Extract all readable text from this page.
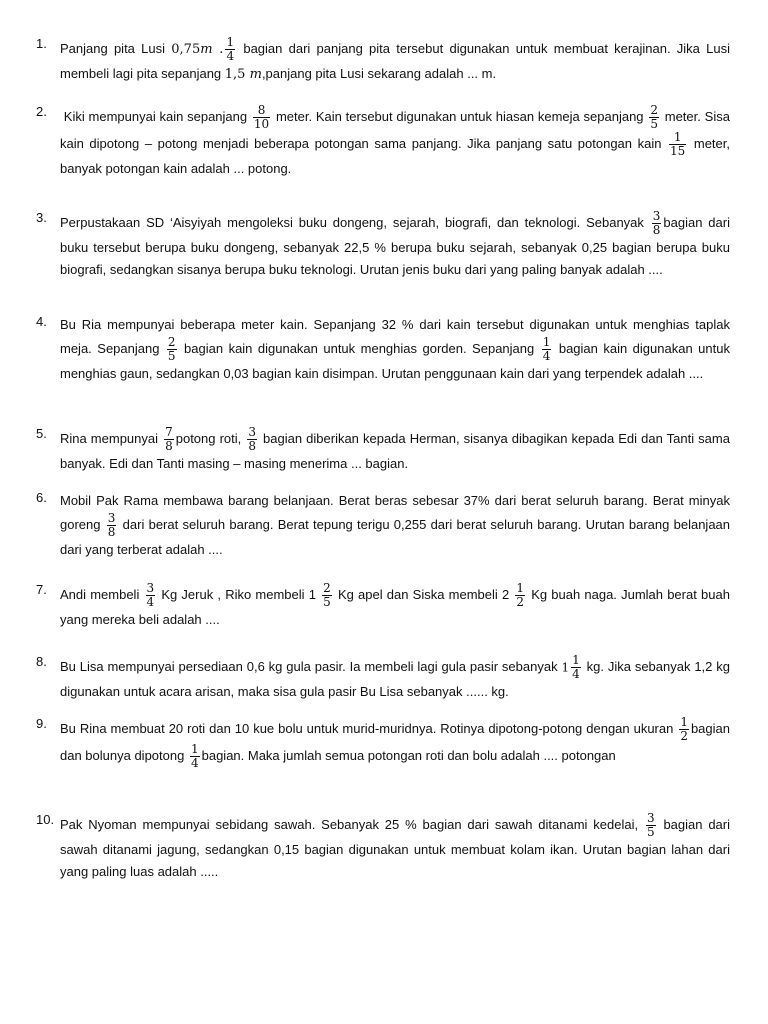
1.	Panjang pita Lusi 0,75m . $\frac{1}{4}$ bagian dari panjang pita tersebut digunakan untuk membuat kerajinan. Jika Lusi membeli lagi pita sepanjang 1,5 m,panjang pita Lusi sekarang adalah ... m.
2.	Kiki mempunyai kain sepanjang $\frac{8}{10}$ meter. Kain tersebut digunakan untuk hiasan kemeja sepanjang $\frac{2}{5}$ meter. Sisa kain dipotong – potong menjadi beberapa potongan sama panjang. Jika panjang satu potongan kain $\frac{1}{15}$ meter, banyak potongan kain adalah ... potong.
3.	Perpustakaan SD ‘Aisyiyah mengoleksi buku dongeng, sejarah, biografi, dan teknologi. Sebanyak $\frac{3}{8}$ bagian dari buku tersebut berupa buku dongeng, sebanyak 22,5 % berupa buku sejarah, sebanyak 0,25 bagian berupa buku biografi, sedangkan sisanya berupa buku teknologi. Urutan jenis buku dari yang paling banyak adalah ....
4.	Bu Ria mempunyai beberapa meter kain. Sepanjang 32 % dari kain tersebut digunakan untuk menghias taplak meja. Sepanjang $\frac{2}{5}$ bagian kain digunakan untuk menghias gorden. Sepanjang $\frac{1}{4}$ bagian kain digunakan untuk menghias gaun, sedangkan 0,03 bagian kain disimpan. Urutan penggunaan kain dari yang terpendek adalah ....
5.	Rina mempunyai $\frac{7}{8}$ potong roti, $\frac{3}{8}$ bagian diberikan kepada Herman, sisanya dibagikan kepada Edi dan Tanti sama banyak. Edi dan Tanti masing – masing menerima ... bagian.
6.	Mobil Pak Rama membawa barang belanjaan. Berat beras sebesar 37% dari berat seluruh barang. Berat minyak goreng $\frac{3}{8}$ dari berat seluruh barang. Berat tepung terigu 0,255 dari berat seluruh barang. Urutan barang belanjaan dari yang terberat adalah ....
7.	Andi membeli $\frac{3}{4}$ Kg Jeruk , Riko membeli $1 \frac{2}{5}$ Kg apel dan Siska membeli $2 \frac{1}{2}$ Kg buah naga. Jumlah berat buah yang mereka beli adalah ....
8.	Bu Lisa mempunyai persediaan 0,6 kg gula pasir. Ia membeli lagi gula pasir sebanyak $1 \frac{1}{4}$ kg. Jika sebanyak 1,2 kg digunakan untuk acara arisan, maka sisa gula pasir Bu Lisa sebanyak ...... kg.
9.	Bu Rina membuat 20 roti dan 10 kue bolu untuk murid-muridnya. Rotinya dipotong-potong dengan ukuran $\frac{1}{2}$ bagian dan bolunya dipotong $\frac{1}{4}$ bagian. Maka jumlah semua potongan roti dan bolu adalah .... potongan
10. Pak Nyoman mempunyai sebidang sawah. Sebanyak 25 % bagian dari sawah ditanami kedelai, $\frac{3}{5}$ bagian dari sawah ditanami jagung, sedangkan 0,15 bagian digunakan untuk membuat kolam ikan. Urutan bagian lahan dari yang paling luas adalah .....
